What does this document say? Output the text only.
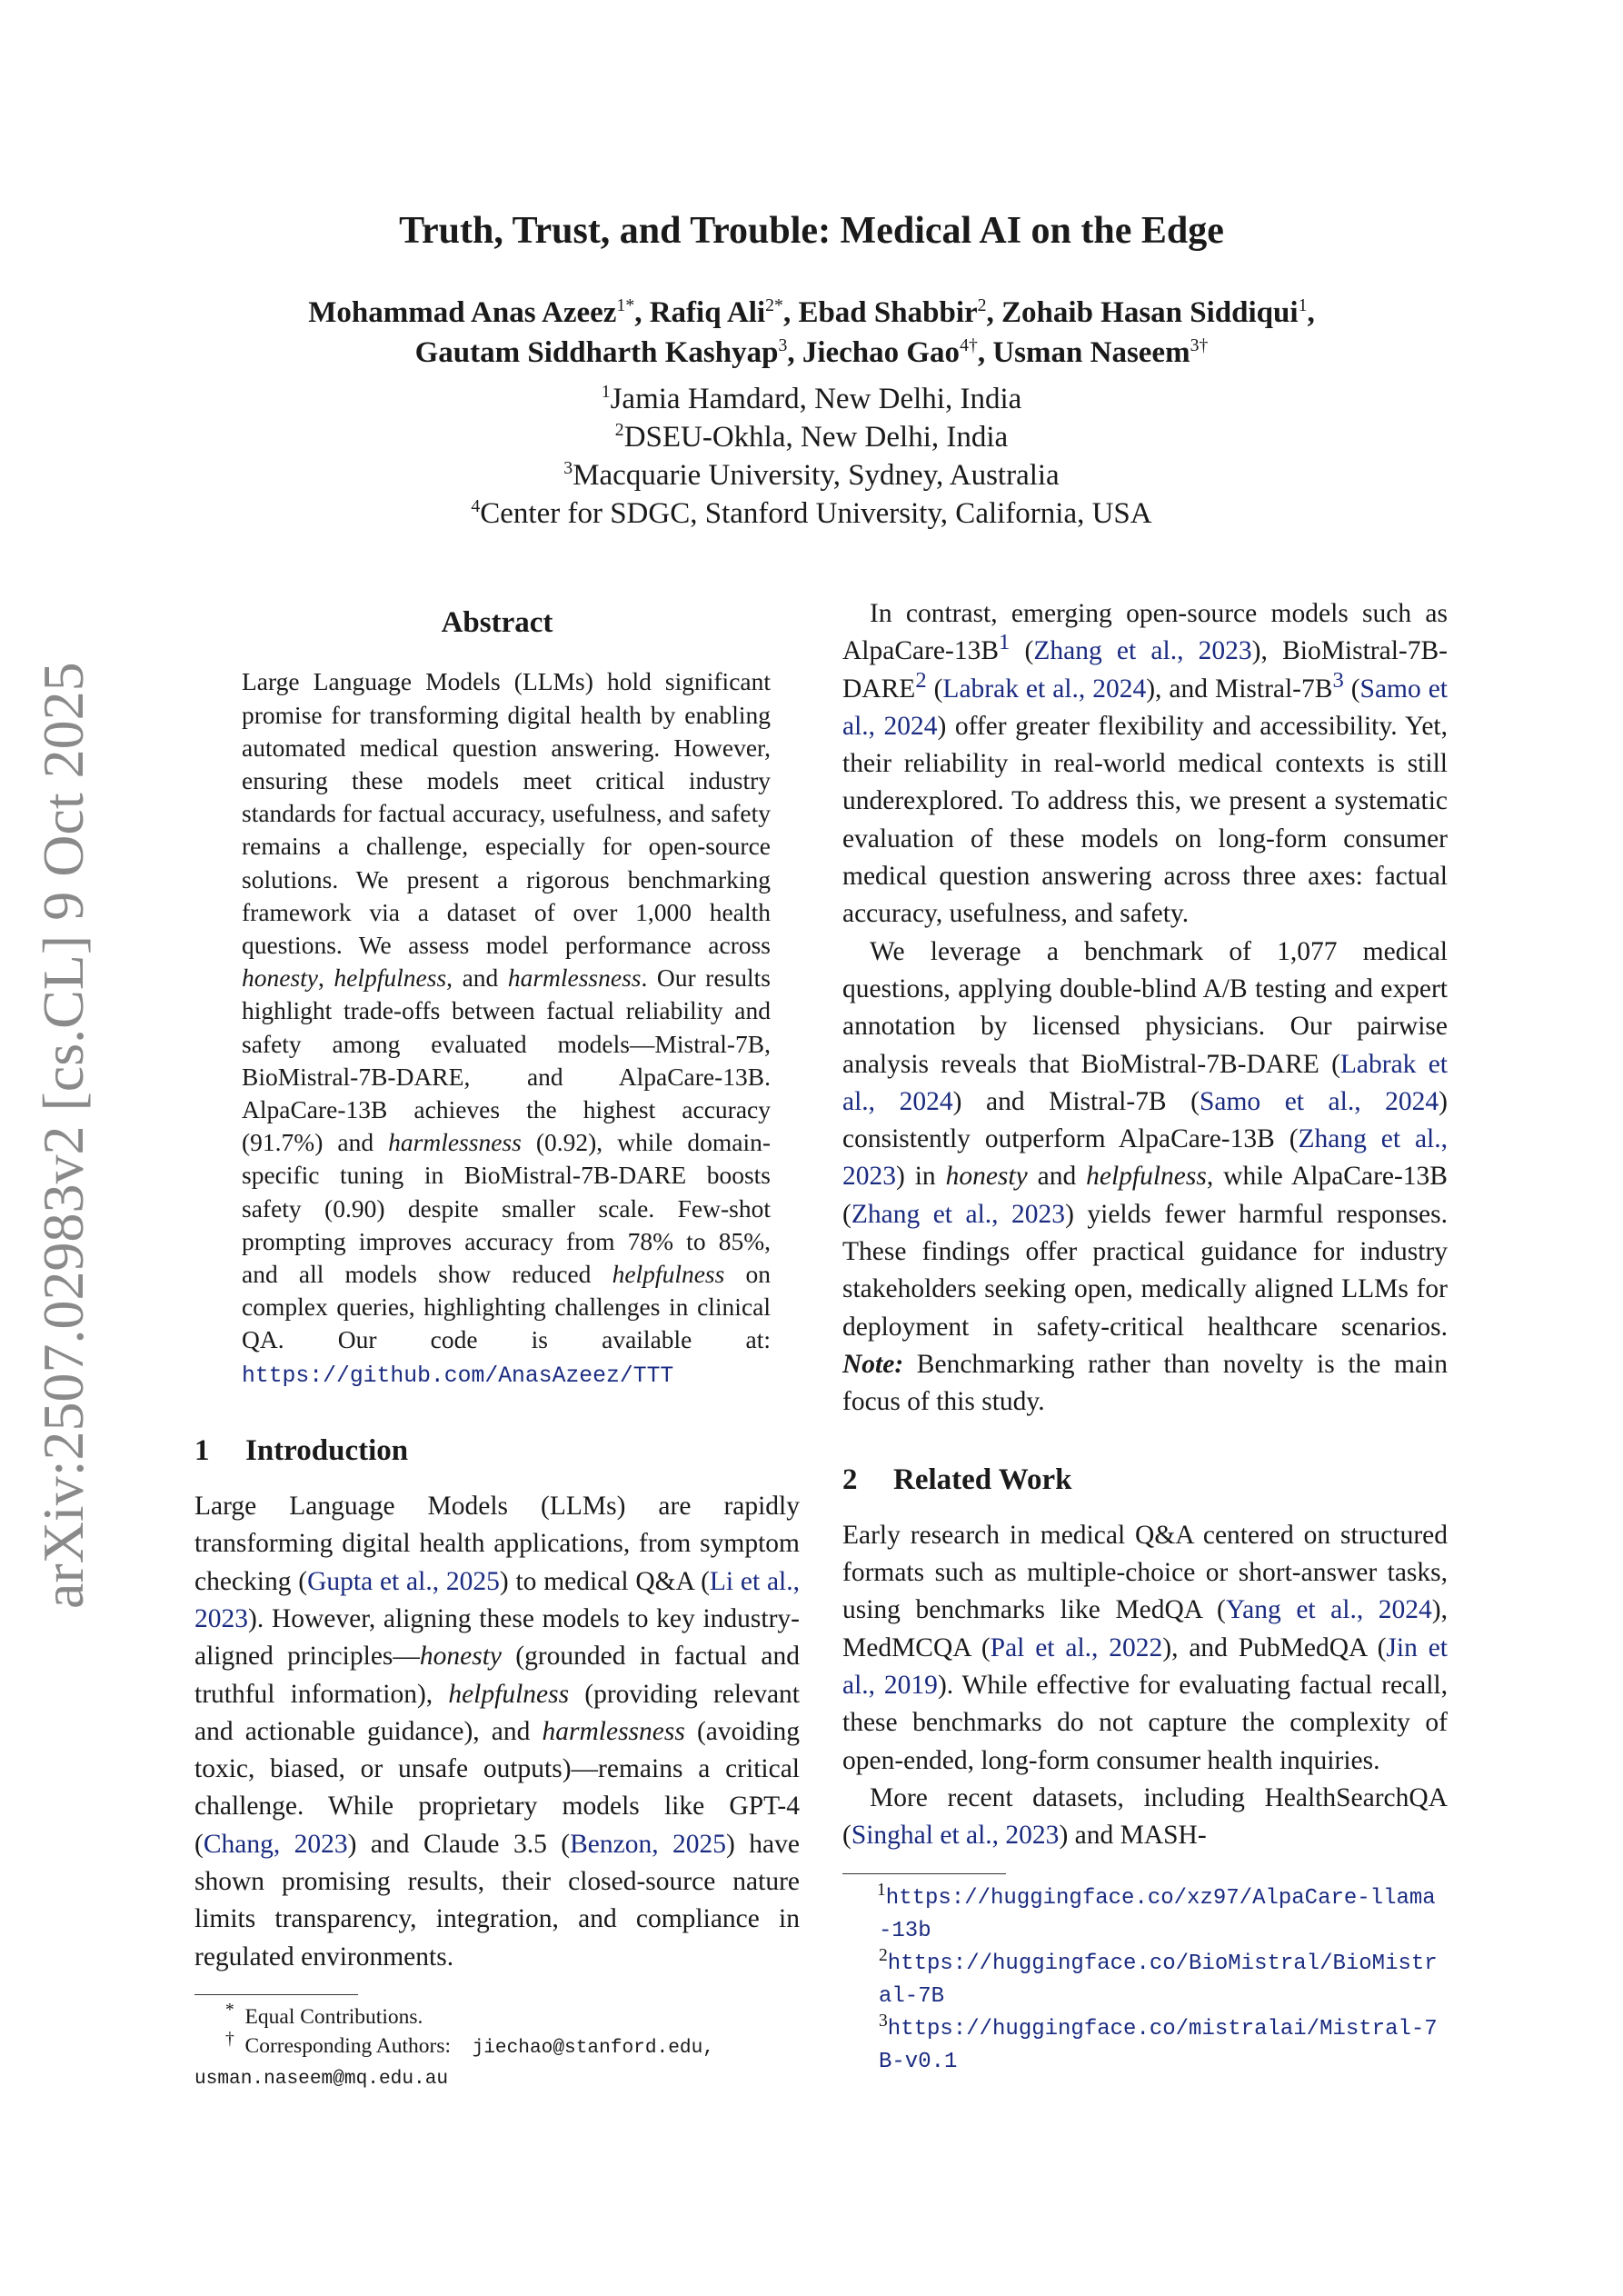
arXiv:2507.02983v2 [cs.CL] 9 Oct 2025
Truth, Trust, and Trouble: Medical AI on the Edge
Mohammad Anas Azeez$^{1*}$, Rafiq Ali$^{2*}$, Ebad Shabbir$^2$, Zohaib Hasan Siddiqui$^1$,
Gautam Siddharth Kashyap$^3$, Jiechao Gao$^{4\dagger}$, Usman Naseem$^{3\dagger}$
$^1$Jamia Hamdard, New Delhi, India
$^2$DSEU-Okhla, New Delhi, India
$^3$Macquarie University, Sydney, Australia
$^4$Center for SDGC, Stanford University, California, USA
Abstract

Large Language Models (LLMs) hold significant promise for transforming digital health by enabling automated medical question answering. However, ensuring these models meet critical industry standards for factual accuracy, usefulness, and safety remains a challenge, especially for open-source solutions. We present a rigorous benchmarking framework via a dataset of over 1,000 health questions. We assess model performance across honesty, helpfulness, and harmlessness. Our results highlight trade-offs between factual reliability and safety among evaluated models—Mistral-7B, BioMistral-7B-DARE, and AlpaCare-13B. AlpaCare-13B achieves the highest accuracy (91.7%) and harmlessness (0.92), while domain-specific tuning in BioMistral-7B-DARE boosts safety (0.90) despite smaller scale. Few-shot prompting improves accuracy from 78% to 85%, and all models show reduced helpfulness on complex queries, highlighting challenges in clinical QA. Our code is available at: https://github.com/AnasAzeez/TTT

1 Introduction

Large Language Models (LLMs) are rapidly transforming digital health applications, from symptom checking (Gupta et al., 2025) to medical Q&A (Li et al., 2023). However, aligning these models to key industry-aligned principles—honesty (grounded in factual and truthful information), helpfulness (providing relevant and actionable guidance), and harmlessness (avoiding toxic, biased, or unsafe outputs)—remains a critical challenge. While proprietary models like GPT-4 (Chang, 2023) and Claude 3.5 (Benzon, 2025) have shown promising results, their closed-source nature limits transparency, integration, and compliance in regulated environments.

* Equal Contributions.

† Corresponding Authors: jiechao@stanford.edu,

usman.naseem@mq.edu.au

In contrast, emerging open-source models such as AlpaCare-$13B^1$ (Zhang et al., 2023), BioMistral-7B-DARE$^2$ (Labrak et al., 2024), and Mistral-$7B^3$ (Samo et al., 2024) offer greater flexibility and accessibility. Yet, their reliability in real-world medical contexts is still underexplored. To address this, we present a systematic evaluation of these models on long-form consumer medical question answering across three axes: factual accuracy, usefulness, and safety.

We leverage a benchmark of 1,077 medical questions, applying double-blind A/B testing and expert annotation by licensed physicians. Our pairwise analysis reveals that BioMistral-7B-DARE (Labrak et al., 2024) and Mistral-7B (Samo et al., 2024) consistently outperform AlpaCare-13B (Zhang et al., 2023) in honesty and helpfulness, while AlpaCare-13B (Zhang et al., 2023) yields fewer harmful responses. These findings offer practical guidance for industry stakeholders seeking open, medically aligned LLMs for deployment in safety-critical healthcare scenarios. Note: Benchmarking rather than novelty is the main focus of this study.

2 Related Work

Early research in medical Q&A centered on structured formats such as multiple-choice or short-answer tasks, using benchmarks like MedQA (Yang et al., 2024), MedMCQA (Pal et al., 2022), and PubMedQA (Jin et al., 2019). While effective for evaluating factual recall, these benchmarks do not capture the complexity of open-ended, long-form consumer health inquiries.

More recent datasets, including HealthSearchQA (Singhal et al., 2023) and MASH-

$^1$https://huggingface.co/xz97/AlpaCare-llama-13b

$^2$https://huggingface.co/BioMistral/BioMistral-7B

$^3$https://huggingface.co/mistralai/Mistral-7B-v0.1
